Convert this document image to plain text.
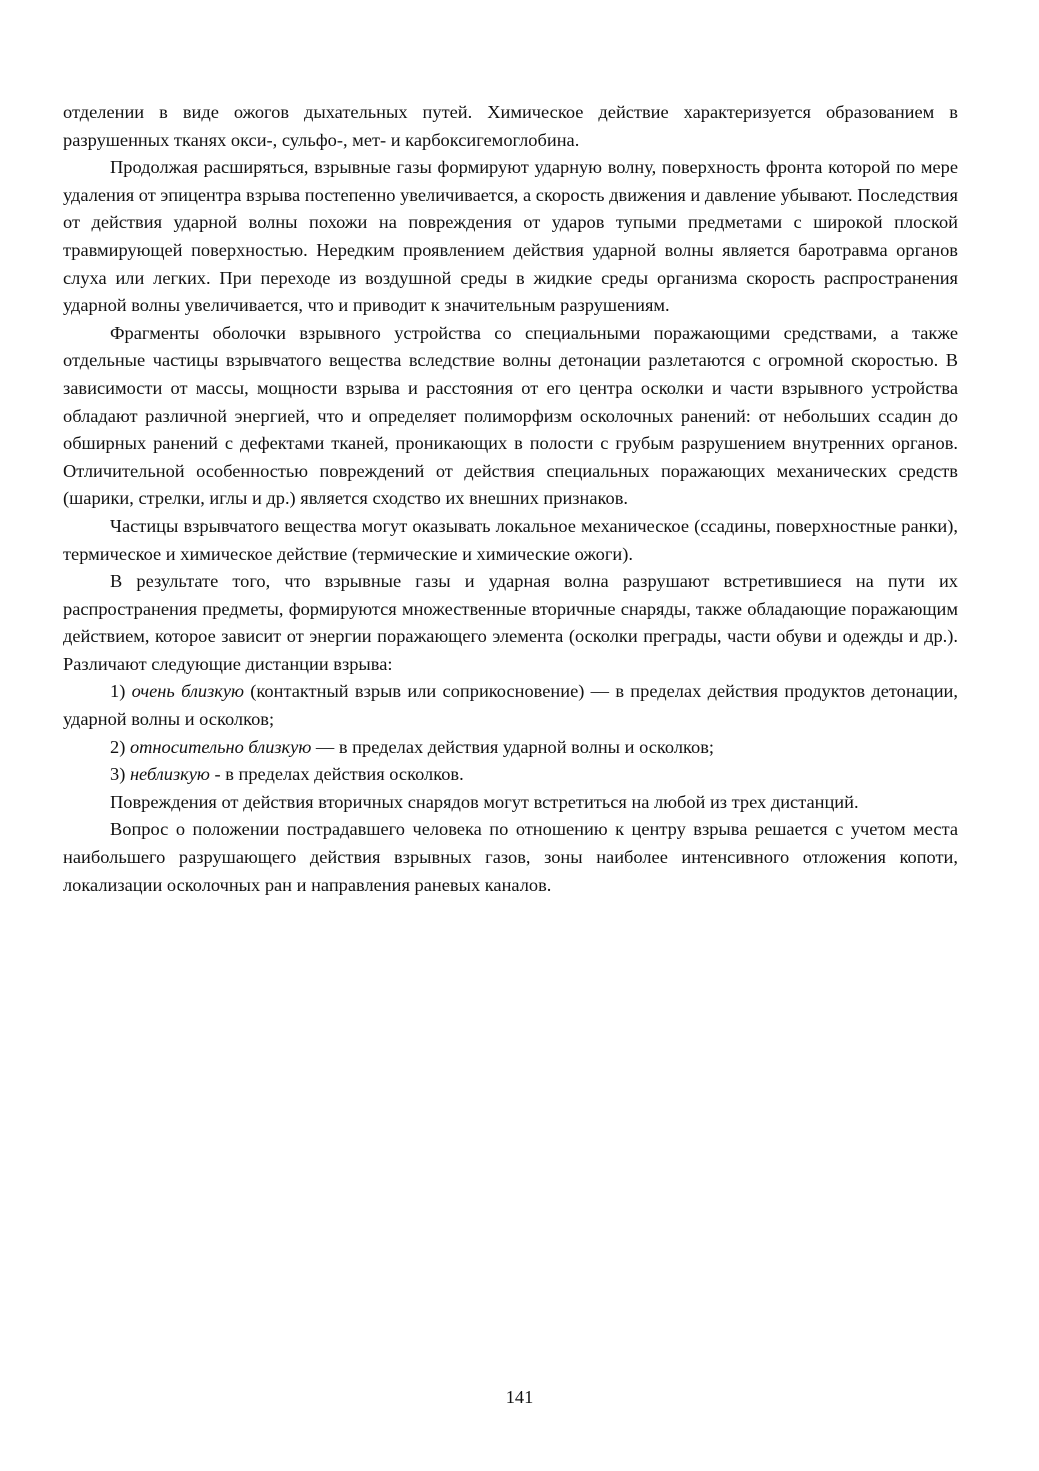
отделении в виде ожогов дыхательных путей. Химическое действие характеризуется образованием в разрушенных тканях окси-, сульфо-, мет- и карбоксигемоглобина.

Продолжая расширяться, взрывные газы формируют ударную волну, поверхность фронта которой по мере удаления от эпицентра взрыва постепенно увеличивается, а скорость движения и давление убывают. Последствия от действия ударной волны похожи на повреждения от ударов тупыми предметами с широкой плоской травмирующей поверхностью. Нередким проявлением действия ударной волны является баротравма органов слуха или легких. При переходе из воздушной среды в жидкие среды организма скорость распространения ударной волны увеличивается, что и приводит к значительным разрушениям.

Фрагменты оболочки взрывного устройства со специальными поражающими средствами, а также отдельные частицы взрывчатого вещества вследствие волны детонации разлетаются с огромной скоростью. В зависимости от массы, мощности взрыва и расстояния от его центра осколки и части взрывного устройства обладают различной энергией, что и определяет полиморфизм осколочных ранений: от небольших ссадин до обширных ранений с дефектами тканей, проникающих в полости с грубым разрушением внутренних органов. Отличительной особенностью повреждений от действия специальных поражающих механических средств (шарики, стрелки, иглы и др.) является сходство их внешних признаков.

Частицы взрывчатого вещества могут оказывать локальное механическое (ссадины, поверхностные ранки), термическое и химическое действие (термические и химические ожоги).

В результате того, что взрывные газы и ударная волна разрушают встретившиеся на пути их распространения предметы, формируются множественные вторичные снаряды, также обладающие поражающим действием, которое зависит от энергии поражающего элемента (осколки преграды, части обуви и одежды и др.). Различают следующие дистанции взрыва:

1) очень близкую (контактный взрыв или соприкосновение) — в пределах действия продуктов детонации, ударной волны и осколков;

2) относительно близкую — в пределах действия ударной волны и осколков;

3) неблизкую - в пределах действия осколков.

Повреждения от действия вторичных снарядов могут встретиться на любой из трех дистанций.

Вопрос о положении пострадавшего человека по отношению к центру взрыва решается с учетом места наибольшего разрушающего действия взрывных газов, зоны наиболее интенсивного отложения копоти, локализации осколочных ран и направления раневых каналов.

141
